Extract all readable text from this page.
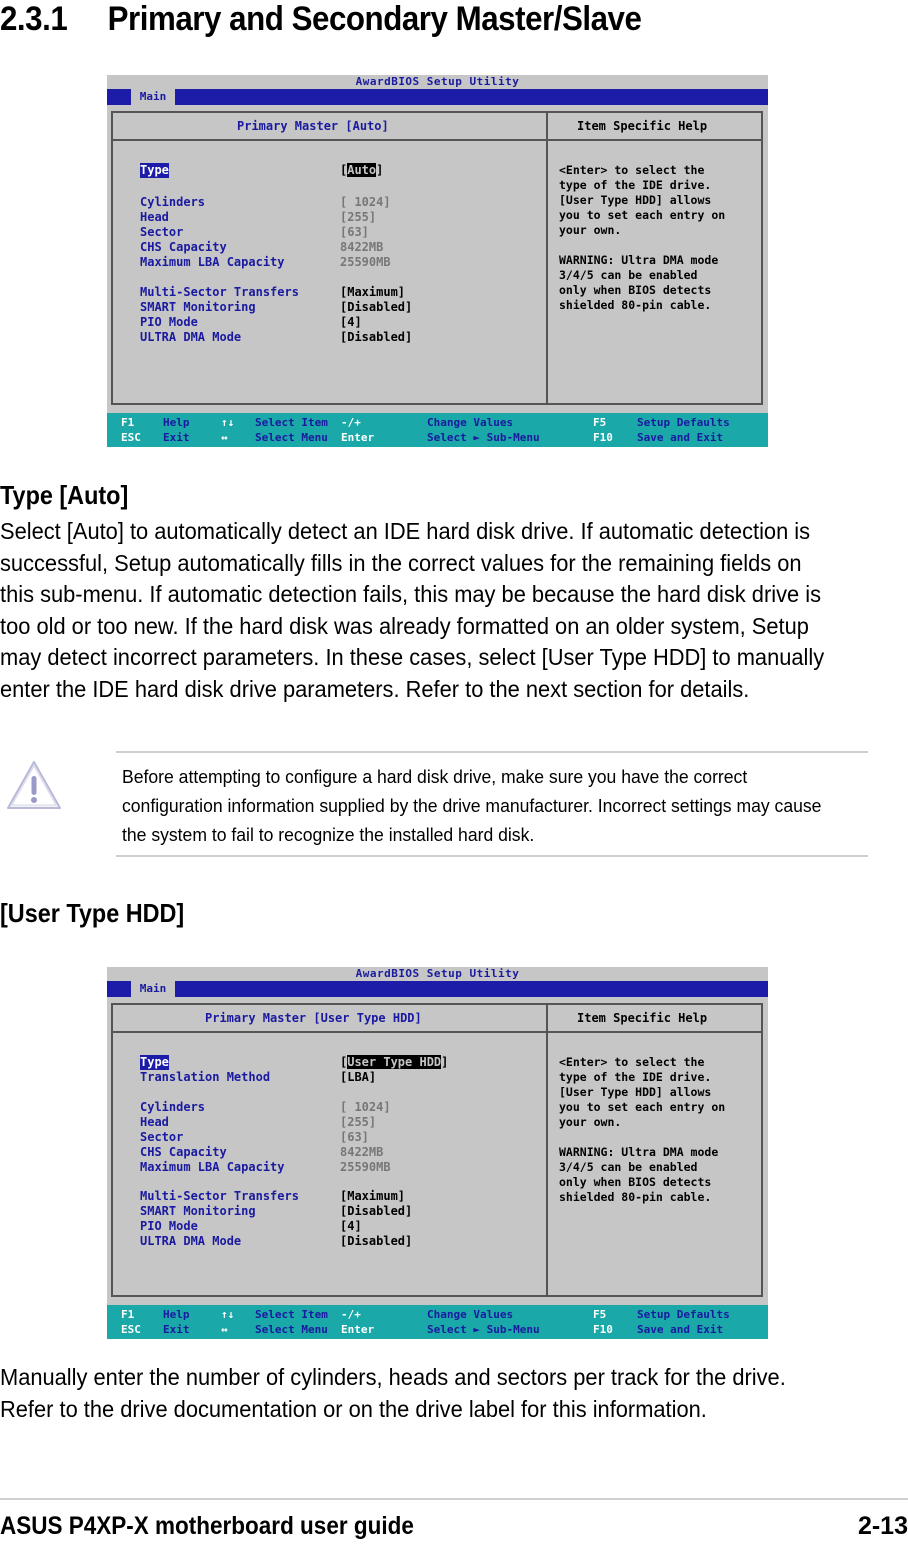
2.3.1 Primary and Secondary Master/Slave
AwardBIOS Setup Utility
Main
Primary Master [Auto]	Item Specific Help
<Enter> to select the
type of the IDE drive.
[User Type HDD] allows
you to set each entry on
your own.

WARNING: Ultra DMA mode
3/4/5 can be enabled
only when BIOS detects
shielded 80-pin cable.
Type	[Auto]
Cylinders	[ 1024]
Head	[255]
Sector	[63]
CHS Capacity	8422MB
Maximum LBA Capacity	25590MB
Multi-Sector Transfers	[Maximum]
SMART Monitoring	[Disabled]
PIO Mode	[4]
ULTRA DMA Mode	[Disabled]
F1	Help
ESC Exit
↑↓ Select Item
↔ Select Menu
-/+	Change Values
Enter	Select ► Sub-Menu
F5	Setup Defaults
F10 Save and Exit
Type [Auto]

Select [Auto] to automatically detect an IDE hard disk drive. If automatic detection is successful, Setup automatically fills in the correct values for the remaining fields on this sub-menu. If automatic detection fails, this may be because the hard disk drive is too old or too new. If the hard disk was already formatted on an older system, Setup may detect incorrect parameters. In these cases, select [User Type HDD] to manually enter the IDE hard disk drive parameters. Refer to the next section for details.

Before attempting to configure a hard disk drive, make sure you have the correct configuration information supplied by the drive manufacturer. Incorrect settings may cause the system to fail to recognize the installed hard disk.

[User Type HDD]
AwardBIOS Setup Utility
Main
Primary Master [User Type HDD]	Item Specific Help
<Enter> to select the
type of the IDE drive.
[User Type HDD] allows
you to set each entry on
your own.

WARNING: Ultra DMA mode
3/4/5 can be enabled
only when BIOS detects
shielded 80-pin cable.
Type	[User Type HDD]
Translation Method	[LBA]
Cylinders	[ 1024]
Head	[255]
Sector	[63]
CHS Capacity	8422MB
Maximum LBA Capacity	25590MB
Multi-Sector Transfers	[Maximum]
SMART Monitoring	[Disabled]
PIO Mode	[4]
ULTRA DMA Mode	[Disabled]
F1	Help
ESC Exit
↑↓ Select Item
↔ Select Menu
-/+	Change Values
Enter	Select ► Sub-Menu
F5	Setup Defaults
F10 Save and Exit

Manually enter the number of cylinders, heads and sectors per track for the drive. Refer to the drive documentation or on the drive label for this information.

ASUS P4XP-X motherboard user guide	2-13
